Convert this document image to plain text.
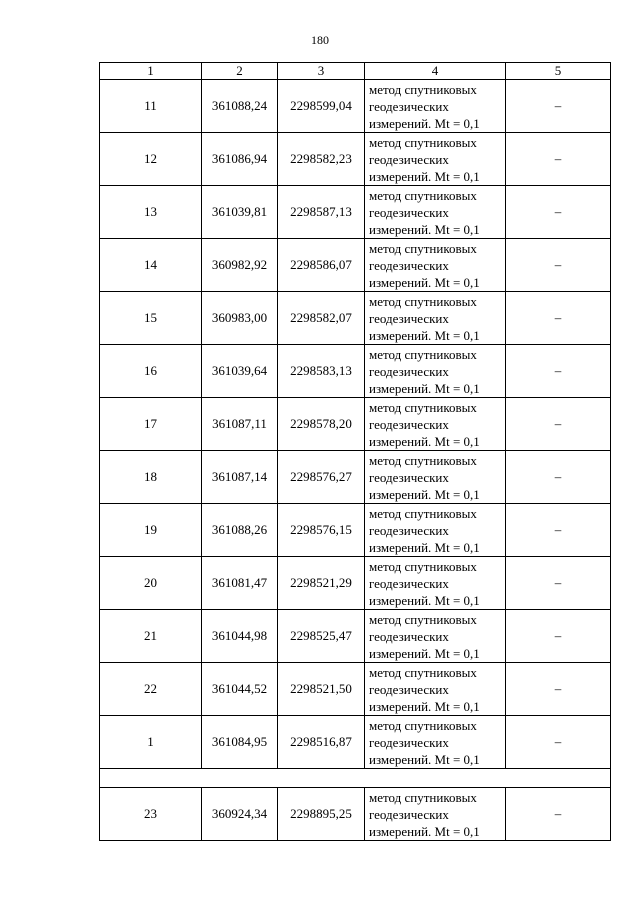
180
1	2	3	4	5
11	361088,24	2298599,04	метод спутниковых геодезических измерений. Mt = 0,1	–
12	361086,94	2298582,23	метод спутниковых геодезических измерений. Mt = 0,1	–
13	361039,81	2298587,13	метод спутниковых геодезических измерений. Mt = 0,1	–
14	360982,92	2298586,07	метод спутниковых геодезических измерений. Mt = 0,1	–
15	360983,00	2298582,07	метод спутниковых геодезических измерений. Mt = 0,1	–
16	361039,64	2298583,13	метод спутниковых геодезических измерений. Mt = 0,1	–
17	361087,11	2298578,20	метод спутниковых геодезических измерений. Mt = 0,1	–
18	361087,14	2298576,27	метод спутниковых геодезических измерений. Mt = 0,1	–
19	361088,26	2298576,15	метод спутниковых геодезических измерений. Mt = 0,1	–
20	361081,47	2298521,29	метод спутниковых геодезических измерений. Mt = 0,1	–
21	361044,98	2298525,47	метод спутниковых геодезических измерений. Mt = 0,1	–
22	361044,52	2298521,50	метод спутниковых геодезических измерений. Mt = 0,1	–
1	361084,95	2298516,87	метод спутниковых геодезических измерений. Mt = 0,1	–

23	360924,34	2298895,25	метод спутниковых геодезических измерений. Mt = 0,1	–
